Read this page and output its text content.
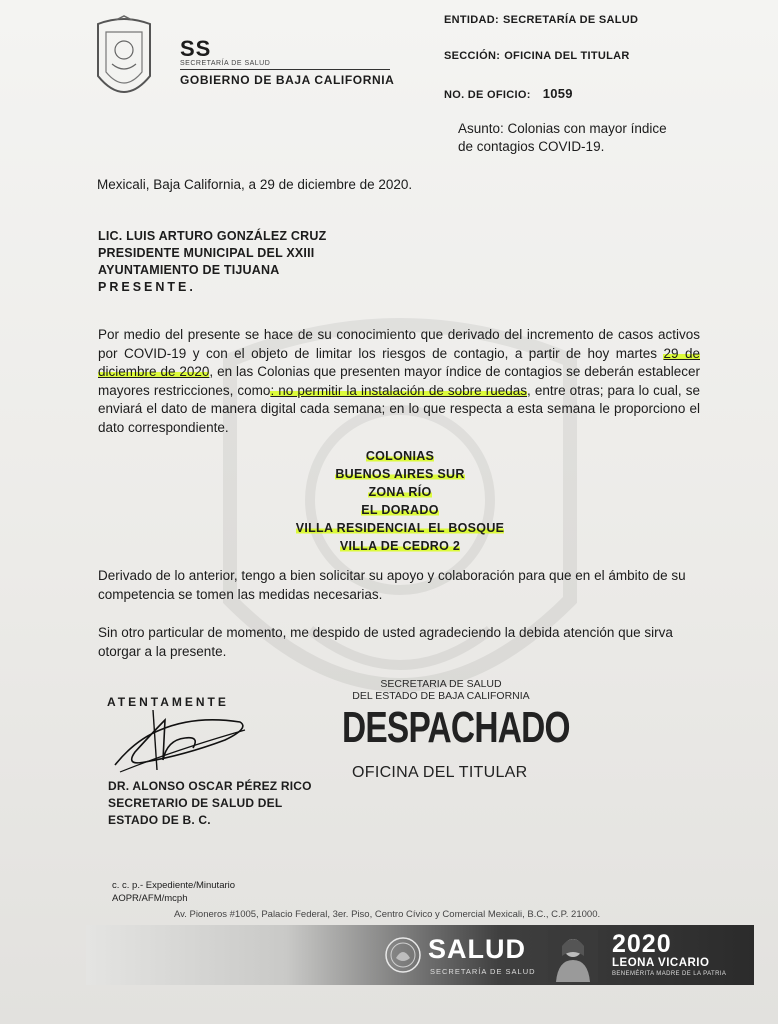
SS
SECRETARÍA DE SALUD
GOBIERNO DE BAJA CALIFORNIA
ENTIDAD: SECRETARÍA DE SALUD
SECCIÓN: OFICINA DEL TITULAR
NO. DE OFICIO: 1059
Asunto: Colonias con mayor índice
de contagios COVID-19.
Mexicali, Baja California, a 29 de diciembre de 2020.
LIC. LUIS ARTURO GONZÁLEZ CRUZ
PRESIDENTE MUNICIPAL DEL XXIII
AYUNTAMIENTO DE TIJUANA
PRESENTE.
Por medio del presente se hace de su conocimiento que derivado del incremento de casos activos por COVID-19 y con el objeto de limitar los riesgos de contagio, a partir de hoy martes 29 de diciembre de 2020, en las Colonias que presenten mayor índice de contagios se deberán establecer mayores restricciones, como: no permitir la instalación de sobre ruedas, entre otras; para lo cual, se enviará el dato de manera digital cada semana; en lo que respecta a esta semana le proporciono el dato correspondiente.
COLONIAS
BUENOS AIRES SUR
ZONA RÍO
EL DORADO
VILLA RESIDENCIAL EL BOSQUE
VILLA DE CEDRO 2
Derivado de lo anterior, tengo a bien solicitar su apoyo y colaboración para que en el ámbito de su competencia se tomen las medidas necesarias.
Sin otro particular de momento, me despido de usted agradeciendo la debida atención que sirva otorgar a la presente.
ATENTAMENTE
DR. ALONSO OSCAR PÉREZ RICO
SECRETARIO DE SALUD DEL
ESTADO DE B. C.
SECRETARIA DE SALUD
DEL ESTADO DE BAJA CALIFORNIA
DESPACHADO
OFICINA DEL TITULAR
c. c. p.- Expediente/Minutario
AOPR/AFM/mcph
Av. Pioneros #1005, Palacio Federal, 3er. Piso, Centro Cívico y Comercial Mexicali, B.C., C.P. 21000.
SALUD
SECRETARÍA DE SALUD
2020
LEONA VICARIO
BENEMÉRITA MADRE DE LA PATRIA
